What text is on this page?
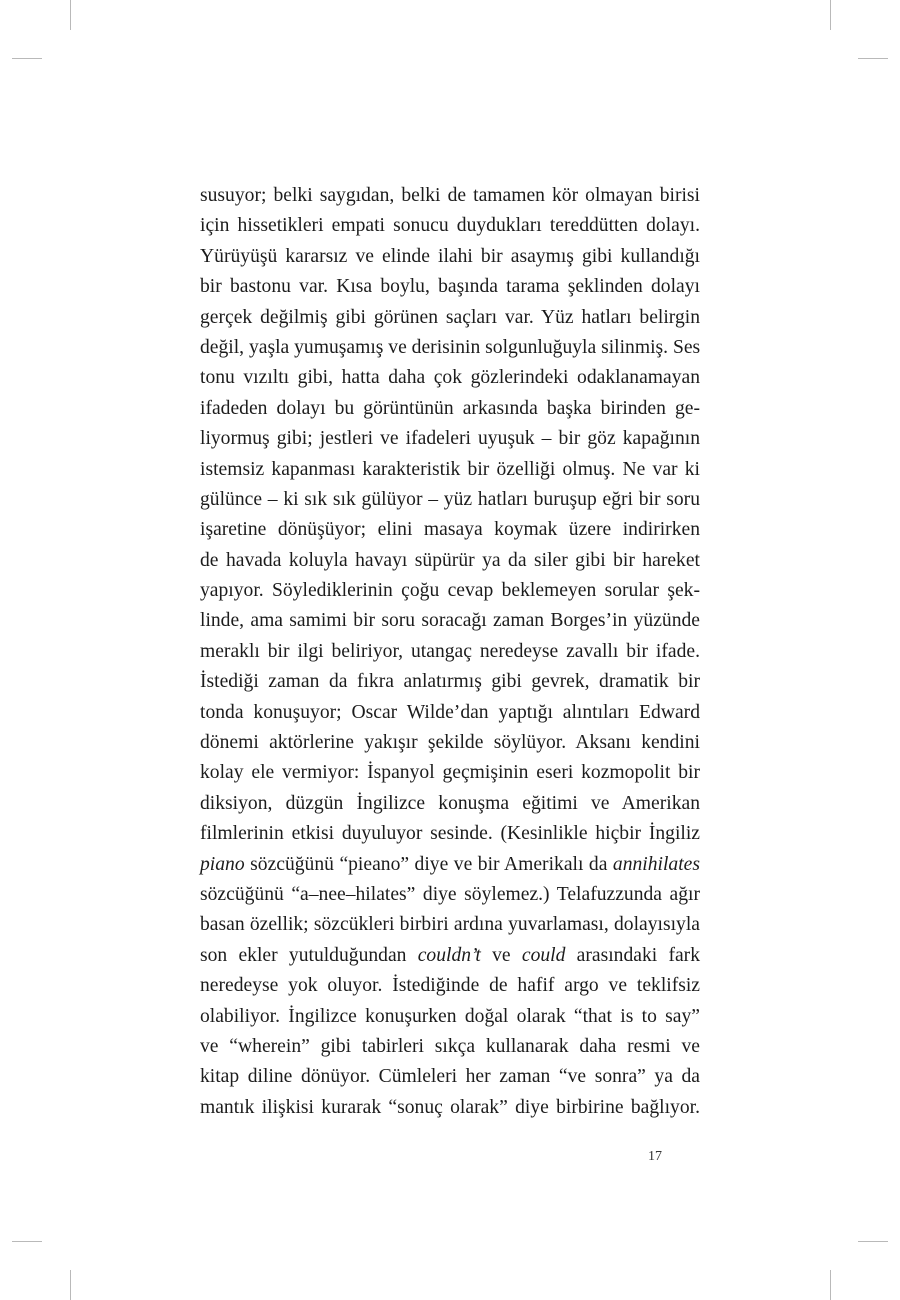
susuyor; belki saygıdan, belki de tamamen kör olmayan birisi
için hissetikleri empati sonucu duydukları tereddütten dolayı.
Yürüyüşü kararsız ve elinde ilahi bir asaymış gibi kullandığı
bir bastonu var. Kısa boylu, başında tarama şeklinden dolayı
gerçek değilmiş gibi görünen saçları var. Yüz hatları belirgin
değil, yaşla yumuşamış ve derisinin solgunluğuyla silinmiş. Ses
tonu vızıltı gibi, hatta daha çok gözlerindeki odaklanamayan
ifadeden dolayı bu görüntünün arkasında başka birinden ge-
liyormuş gibi; jestleri ve ifadeleri uyuşuk – bir göz kapağının
istemsiz kapanması karakteristik bir özelliği olmuş. Ne var ki
gülünce – ki sık sık gülüyor – yüz hatları buruşup eğri bir soru
işaretine dönüşüyor; elini masaya koymak üzere indirirken
de havada koluyla havayı süpürür ya da siler gibi bir hareket
yapıyor. Söylediklerinin çoğu cevap beklemeyen sorular şek-
linde, ama samimi bir soru soracağı zaman Borges’in yüzünde
meraklı bir ilgi beliriyor, utangaç neredeyse zavallı bir ifade.
İstediği zaman da fıkra anlatırmış gibi gevrek, dramatik bir
tonda konuşuyor; Oscar Wilde’dan yaptığı alıntıları Edward
dönemi aktörlerine yakışır şekilde söylüyor. Aksanı kendini
kolay ele vermiyor: İspanyol geçmişinin eseri kozmopolit bir
diksiyon, düzgün İngilizce konuşma eğitimi ve Amerikan
filmlerinin etkisi duyuluyor sesinde. (Kesinlikle hiçbir İngiliz
piano sözcüğünü “pieano” diye ve bir Amerikalı da annihilates
sözcüğünü “a–nee–hilates” diye söylemez.) Telafuzzunda ağır
basan özellik; sözcükleri birbiri ardına yuvarlaması, dolayısıyla
son ekler yutulduğundan couldn’t ve could arasındaki fark
neredeyse yok oluyor. İstediğinde de hafif argo ve teklifsiz
olabiliyor. İngilizce konuşurken doğal olarak “that is to say”
ve “wherein” gibi tabirleri sıkça kullanarak daha resmi ve
kitap diline dönüyor. Cümleleri her zaman “ve sonra” ya da
mantık ilişkisi kurarak “sonuç olarak” diye birbirine bağlıyor.
17
